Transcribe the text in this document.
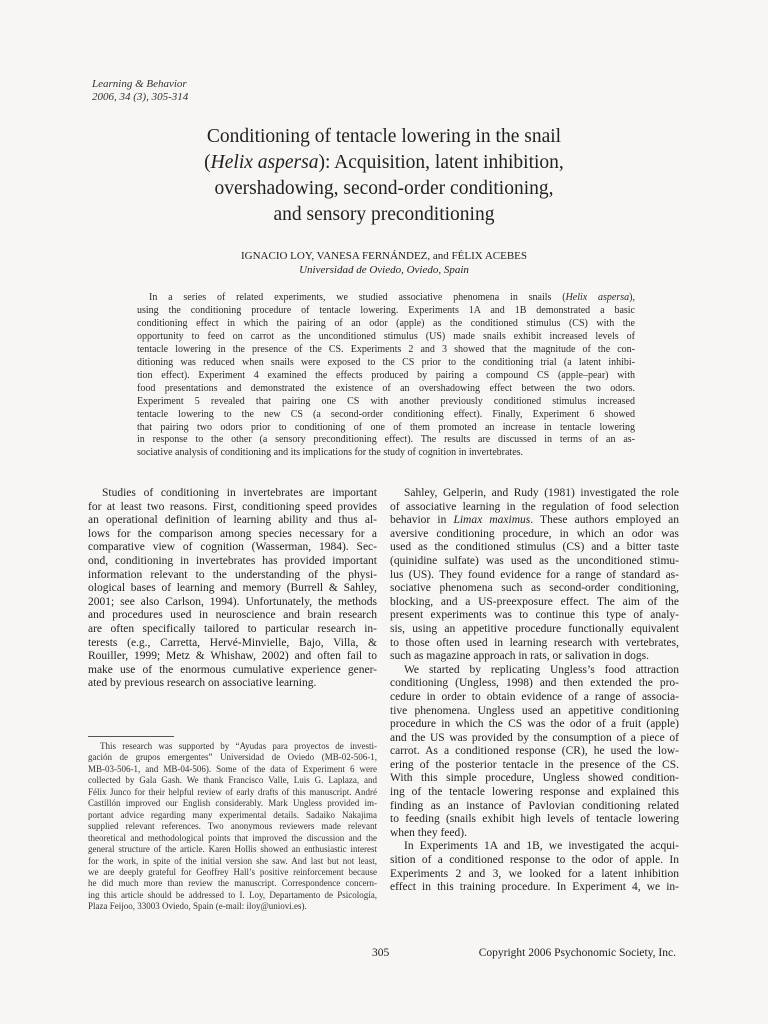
Learning & Behavior
2006, 34 (3), 305-314
Conditioning of tentacle lowering in the snail
(Helix aspersa): Acquisition, latent inhibition,
overshadowing, second-order conditioning,
and sensory preconditioning
IGNACIO LOY, VANESA FERNÁNDEZ, and FÉLIX ACEBES
Universidad de Oviedo, Oviedo, Spain
In a series of related experiments, we studied associative phenomena in snails (Helix aspersa),
using the conditioning procedure of tentacle lowering. Experiments 1A and 1B demonstrated a basic
conditioning effect in which the pairing of an odor (apple) as the conditioned stimulus (CS) with the
opportunity to feed on carrot as the unconditioned stimulus (US) made snails exhibit increased levels of
tentacle lowering in the presence of the CS. Experiments 2 and 3 showed that the magnitude of the con-
ditioning was reduced when snails were exposed to the CS prior to the conditioning trial (a latent inhibi-
tion effect). Experiment 4 examined the effects produced by pairing a compound CS (apple–pear) with
food presentations and demonstrated the existence of an overshadowing effect between the two odors.
Experiment 5 revealed that pairing one CS with another previously conditioned stimulus increased
tentacle lowering to the new CS (a second-order conditioning effect). Finally, Experiment 6 showed
that pairing two odors prior to conditioning of one of them promoted an increase in tentacle lowering
in response to the other (a sensory preconditioning effect). The results are discussed in terms of an as-
sociative analysis of conditioning and its implications for the study of cognition in invertebrates.
Studies of conditioning in invertebrates are important
for at least two reasons. First, conditioning speed provides
an operational definition of learning ability and thus al-
lows for the comparison among species necessary for a
comparative view of cognition (Wasserman, 1984). Sec-
ond, conditioning in invertebrates has provided important
information relevant to the understanding of the physi-
ological bases of learning and memory (Burrell & Sahley,
2001; see also Carlson, 1994). Unfortunately, the methods
and procedures used in neuroscience and brain research
are often specifically tailored to particular research in-
terests (e.g., Carretta, Hervé-Minvielle, Bajo, Villa, &
Rouiller, 1999; Metz & Whishaw, 2002) and often fail to
make use of the enormous cumulative experience gener-
ated by previous research on associative learning.
Sahley, Gelperin, and Rudy (1981) investigated the role
of associative learning in the regulation of food selection
behavior in Limax maximus. These authors employed an
aversive conditioning procedure, in which an odor was
used as the conditioned stimulus (CS) and a bitter taste
(quinidine sulfate) was used as the unconditioned stimu-
lus (US). They found evidence for a range of standard as-
sociative phenomena such as second-order conditioning,
blocking, and a US-preexposure effect. The aim of the
present experiments was to continue this type of analy-
sis, using an appetitive procedure functionally equivalent
to those often used in learning research with vertebrates,
such as magazine approach in rats, or salivation in dogs.
We started by replicating Ungless’s food attraction
conditioning (Ungless, 1998) and then extended the pro-
cedure in order to obtain evidence of a range of associa-
tive phenomena. Ungless used an appetitive conditioning
procedure in which the CS was the odor of a fruit (apple)
and the US was provided by the consumption of a piece of
carrot. As a conditioned response (CR), he used the low-
ering of the posterior tentacle in the presence of the CS.
With this simple procedure, Ungless showed condition-
ing of the tentacle lowering response and explained this
finding as an instance of Pavlovian conditioning related
to feeding (snails exhibit high levels of tentacle lowering
when they feed).
In Experiments 1A and 1B, we investigated the acqui-
sition of a conditioned response to the odor of apple. In
Experiments 2 and 3, we looked for a latent inhibition
effect in this training procedure. In Experiment 4, we in-
This research was supported by “Ayudas para proyectos de investi-
gación de grupos emergentes” Universidad de Oviedo (MB-02-506-1,
MB-03-506-1, and MB-04-506). Some of the data of Experiment 6 were
collected by Gala Gash. We thank Francisco Valle, Luis G. Laplaza, and
Félix Junco for their helpful review of early drafts of this manuscript. André
Castillón improved our English considerably. Mark Ungless provided im-
portant advice regarding many experimental details. Sadaiko Nakajima
supplied relevant references. Two anonymous reviewers made relevant
theoretical and methodological points that improved the discussion and the
general structure of the article. Karen Hollis showed an enthusiastic interest
for the work, in spite of the initial version she saw. And last but not least,
we are deeply grateful for Geoffrey Hall’s positive reinforcement because
he did much more than review the manuscript. Correspondence concern-
ing this article should be addressed to I. Loy, Departamento de Psicología,
Plaza Feijoo, 33003 Oviedo, Spain (e-mail: iloy@uniovi.es).
305	Copyright 2006 Psychonomic Society, Inc.
